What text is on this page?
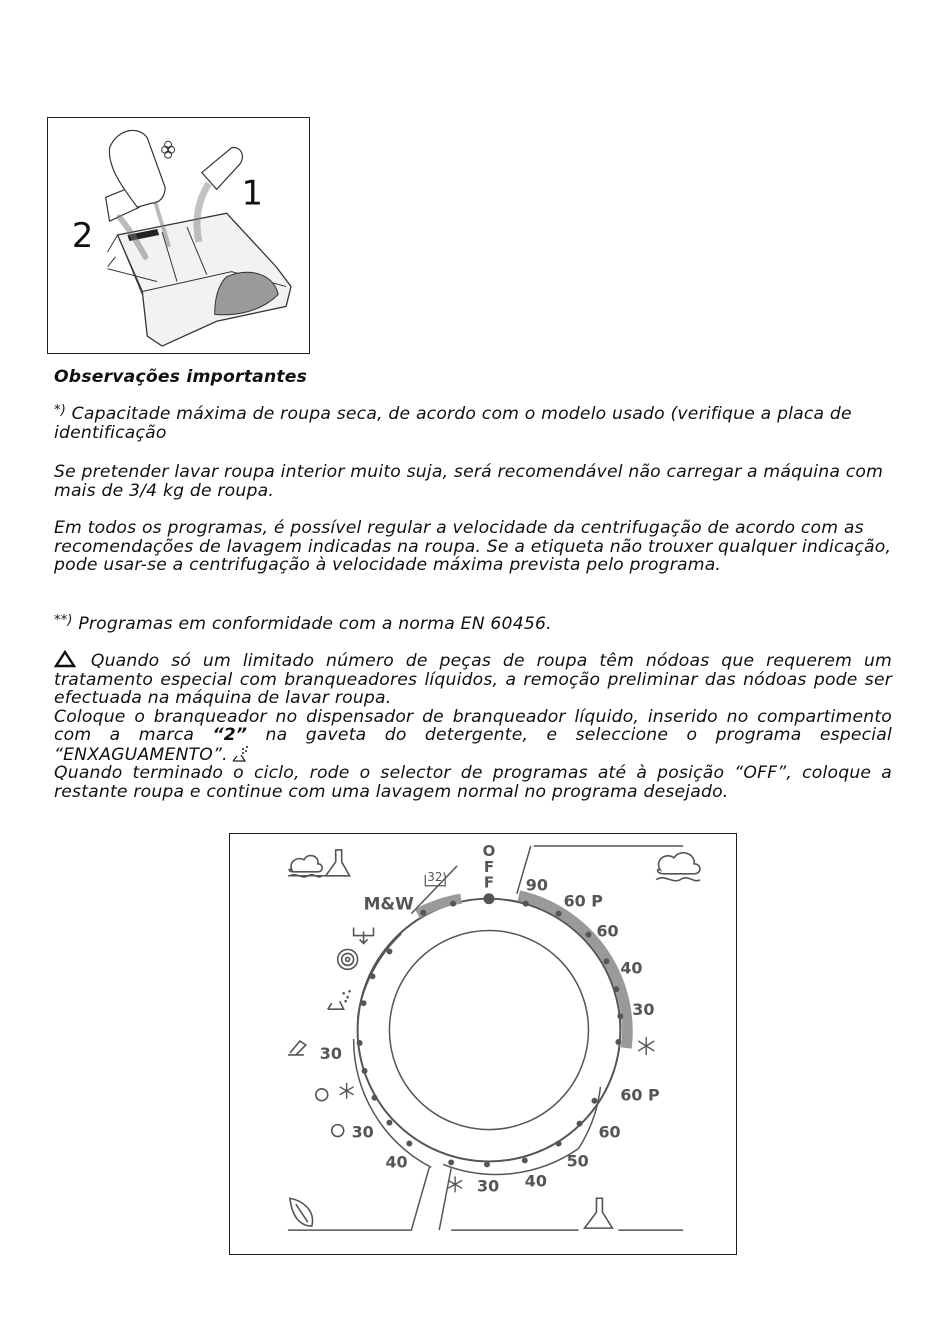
1
2

Observações importantes

*) Capacitade máxima de roupa seca, de acordo com o modelo usado (verifique a placa de identificação

Se pretender lavar roupa interior muito suja, será recomendável não carregar a máquina com mais de 3/4 kg de roupa.

Em todos os programas, é possível regular a velocidade da centrifugação de acordo com as recomendações de lavagem indicadas na roupa. Se a etiqueta não trouxer qualquer indicação, pode usar-se a centrifugação à velocidade máxima prevista pelo programa.

**) Programas em conformidade com a norma EN 60456.

Quando só um limitado número de peças de roupa têm nódoas que requerem um tratamento especial com branqueadores líquidos, a remoção preliminar das nódoas pode ser efectuada na máquina de lavar roupa.

Coloque o branqueador no dispensador de branqueador líquido, inserido no compartimento com a marca “2” na gaveta do detergente, e seleccione o programa especial “ENXAGUAMENTO”.

Quando terminado o ciclo, rode o selector de programas até à posição “OFF”, coloque a restante roupa e continue com uma lavagem normal no programa desejado.

O
F
F 90
60 P
60
40
30
60 P
60
50
40
30
30
30
40
M&W
32'
